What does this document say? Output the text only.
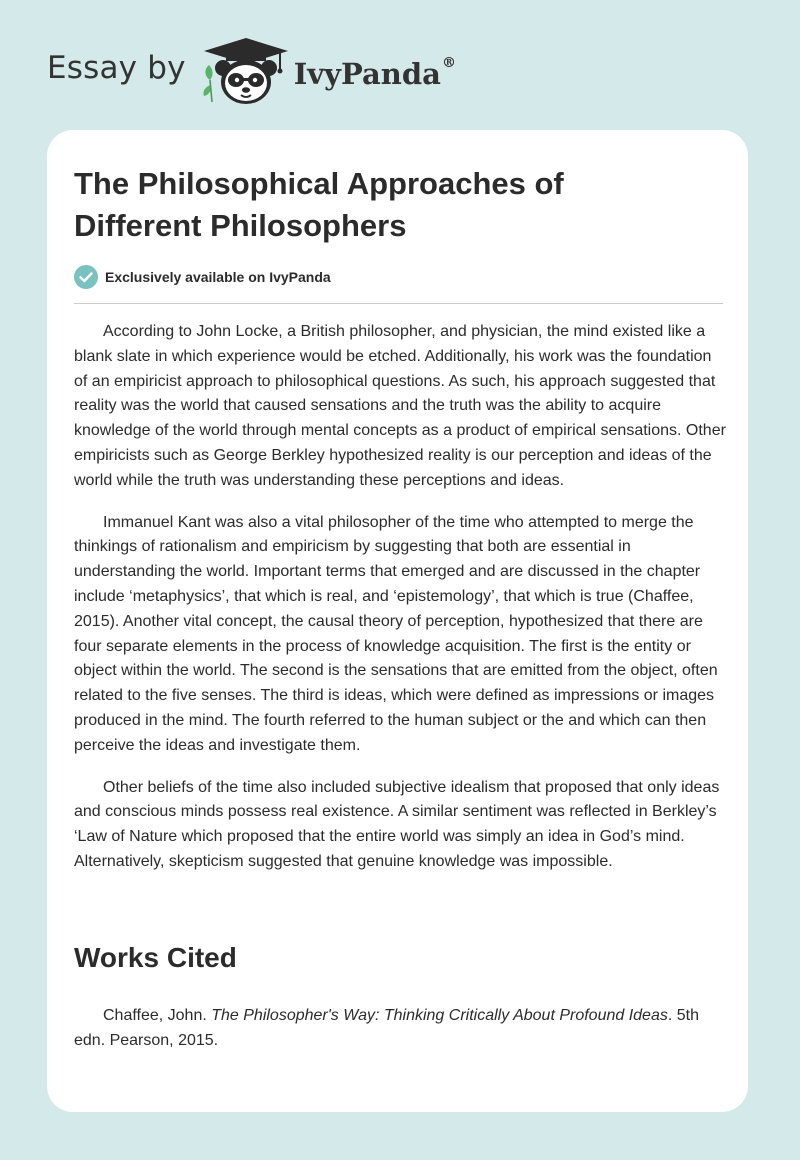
Essay by	IvyPanda®
The Philosophical Approaches of Different Philosophers
Exclusively available on IvyPanda

According to John Locke, a British philosopher, and physician, the mind existed like a blank slate in which experience would be etched. Additionally, his work was the foundation of an empiricist approach to philosophical questions. As such, his approach suggested that reality was the world that caused sensations and the truth was the ability to acquire knowledge of the world through mental concepts as a product of empirical sensations. Other empiricists such as George Berkley hypothesized reality is our perception and ideas of the world while the truth was understanding these perceptions and ideas.

Immanuel Kant was also a vital philosopher of the time who attempted to merge the thinkings of rationalism and empiricism by suggesting that both are essential in understanding the world. Important terms that emerged and are discussed in the chapter include ‘metaphysics’, that which is real, and ‘epistemology’, that which is true (Chaffee, 2015). Another vital concept, the causal theory of perception, hypothesized that there are four separate elements in the process of knowledge acquisition. The first is the entity or object within the world. The second is the sensations that are emitted from the object, often related to the five senses. The third is ideas, which were defined as impressions or images produced in the mind. The fourth referred to the human subject or the and which can then perceive the ideas and investigate them.

Other beliefs of the time also included subjective idealism that proposed that only ideas and conscious minds possess real existence. A similar sentiment was reflected in Berkley’s ‘Law of Nature which proposed that the entire world was simply an idea in God’s mind. Alternatively, skepticism suggested that genuine knowledge was impossible.

Works Cited

Chaffee, John. The Philosopher's Way: Thinking Critically About Profound Ideas. 5th edn. Pearson, 2015.
